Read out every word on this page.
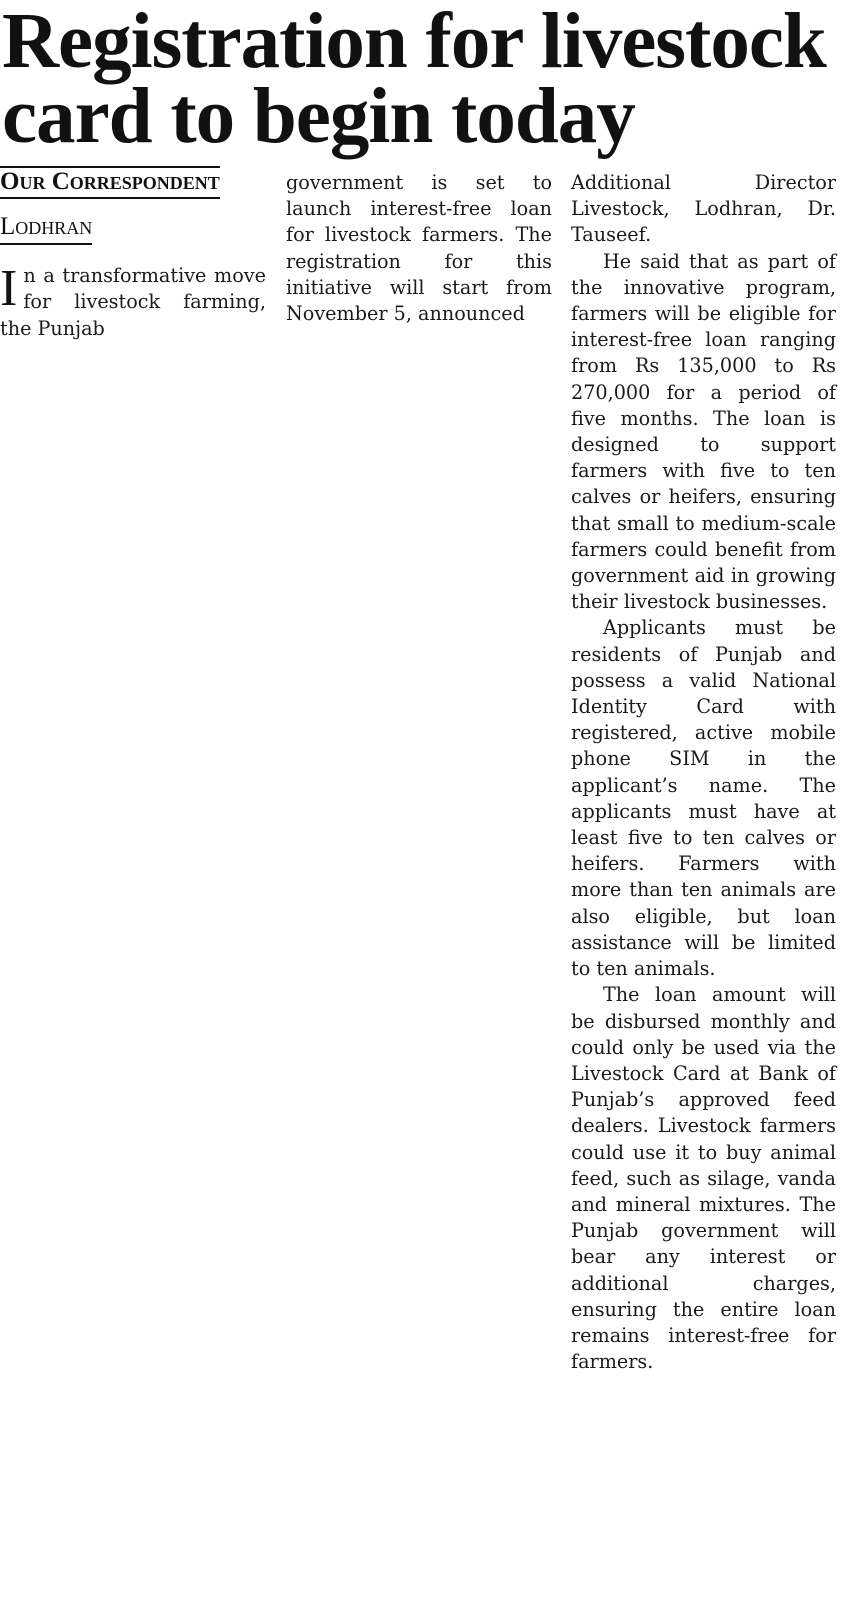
Registration for livestock card to begin today
Our Correspondent
Lodhran

In a transformative move for livestock farming, the Punjab

government is set to launch interest-free loan for livestock farmers. The registration for this initiative will start from November 5, announced

Additional Director Livestock, Lodhran, Dr. Tauseef.

He said that as part of the innovative program, farmers will be eligible for interest-free loan ranging from Rs 135,000 to Rs 270,000 for a period of five months. The loan is designed to support farmers with five to ten calves or heifers, ensuring that small to medium-scale farmers could benefit from government aid in growing their livestock businesses.

Applicants must be residents of Punjab and possess a valid National Identity Card with registered, active mobile phone SIM in the applicant’s name. The applicants must have at least five to ten calves or heifers. Farmers with more than ten animals are also eligible, but loan assistance will be limited to ten animals.

The loan amount will be disbursed monthly and could only be used via the Livestock Card at Bank of Punjab’s approved feed dealers. Livestock farmers could use it to buy animal feed, such as silage, vanda and mineral mixtures. The Punjab government will bear any interest or additional charges, ensuring the entire loan remains interest-free for farmers.
